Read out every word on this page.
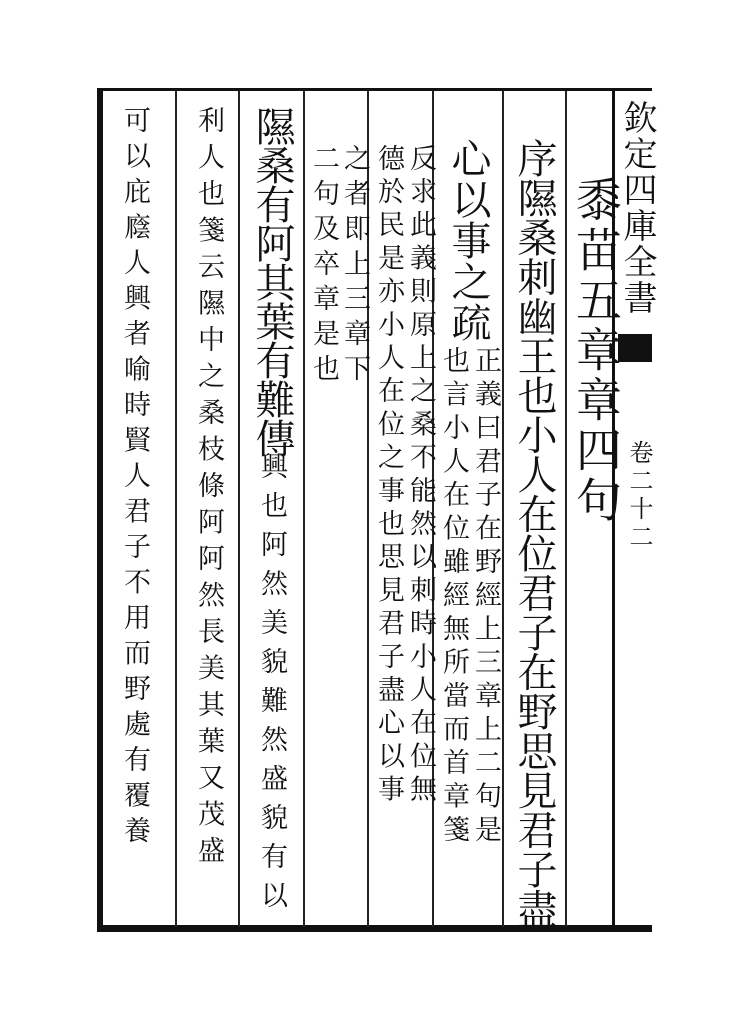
欽定四庫全書
卷二十二
黍苗五章章四句
序隰桑刺幽王也小人在位君子在野思見君子盡
心以事之疏
正義曰君子在野經上三章上二句是
也言小人在位雖經無所當而首章箋
反求此義則原上之桑不能然以刺時小人在位無
德於民是亦小人在位之事也思見君子盡心以事
之者即上三章下
二句及卒章是也
隰桑有阿其葉有難傳
興也阿然美貌難然盛貌有以
利人也箋云隰中之桑枝條阿阿然長美其葉又茂盛
可以庇廕人興者喻時賢人君子不用而野處有覆養
